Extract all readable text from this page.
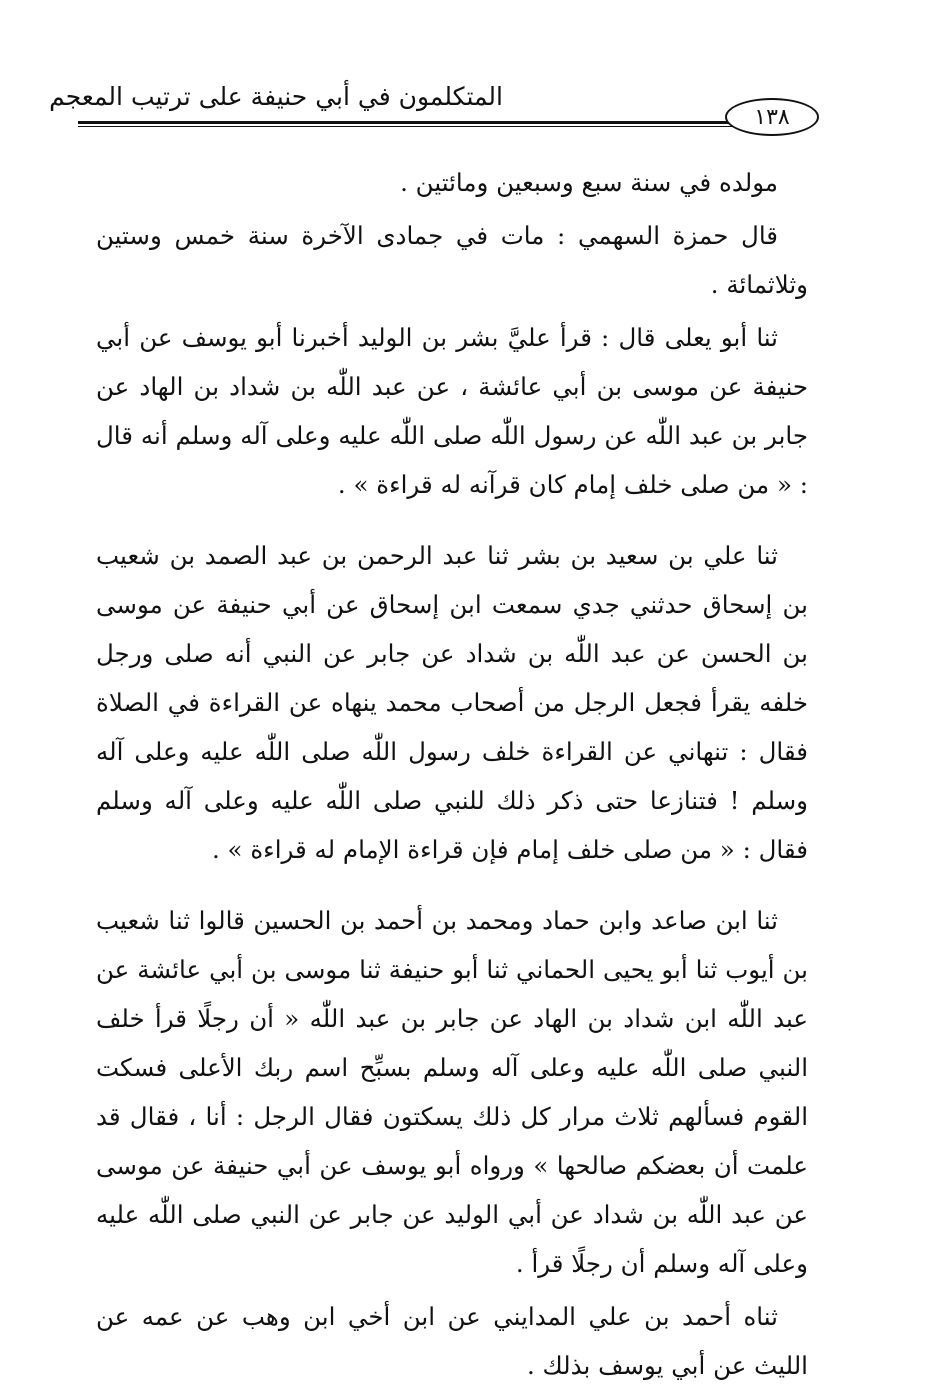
المتكلمون في أبي حنيفة على ترتيب المعجم
١٣٨

مولده في سنة سبع وسبعين ومائتين .

قال حمزة السهمي : مات في جمادى الآخرة سنة خمس وستين وثلاثمائة .

ثنا أبو يعلى قال : قرأ عليَّ بشر بن الوليد أخبرنا أبو يوسف عن أبي حنيفة عن موسى بن أبي عائشة ، عن عبد اللّٰه بن شداد بن الهاد عن جابر بن عبد اللّٰه عن رسول اللّٰه صلى اللّٰه عليه وعلى آله وسلم أنه قال : « من صلى خلف إمام كان قرآنه له قراءة » .

ثنا علي بن سعيد بن بشر ثنا عبد الرحمن بن عبد الصمد بن شعيب بن إسحاق حدثني جدي سمعت ابن إسحاق عن أبي حنيفة عن موسى بن الحسن عن عبد اللّٰه بن شداد عن جابر عن النبي أنه صلى ورجل خلفه يقرأ فجعل الرجل من أصحاب محمد ينهاه عن القراءة في الصلاة فقال : تنهاني عن القراءة خلف رسول اللّٰه صلى اللّٰه عليه وعلى آله وسلم ! فتنازعا حتى ذكر ذلك للنبي صلى اللّٰه عليه وعلى آله وسلم فقال : « من صلى خلف إمام فإن قراءة الإمام له قراءة » .

ثنا ابن صاعد وابن حماد ومحمد بن أحمد بن الحسين قالوا ثنا شعيب بن أيوب ثنا أبو يحيى الحماني ثنا أبو حنيفة ثنا موسى بن أبي عائشة عن عبد اللّٰه ابن شداد بن الهاد عن جابر بن عبد اللّٰه « أن رجلًا قرأ خلف النبي صلى اللّٰه عليه وعلى آله وسلم بسبِّح اسم ربك الأعلى فسكت القوم فسألهم ثلاث مرار كل ذلك يسكتون فقال الرجل : أنا ، فقال قد علمت أن بعضكم صالحها » ورواه أبو يوسف عن أبي حنيفة عن موسى عن عبد اللّٰه بن شداد عن أبي الوليد عن جابر عن النبي صلى اللّٰه عليه وعلى آله وسلم أن رجلًا قرأ .

ثناه أحمد بن علي المدايني عن ابن أخي ابن وهب عن عمه عن الليث عن أبي يوسف بذلك .
